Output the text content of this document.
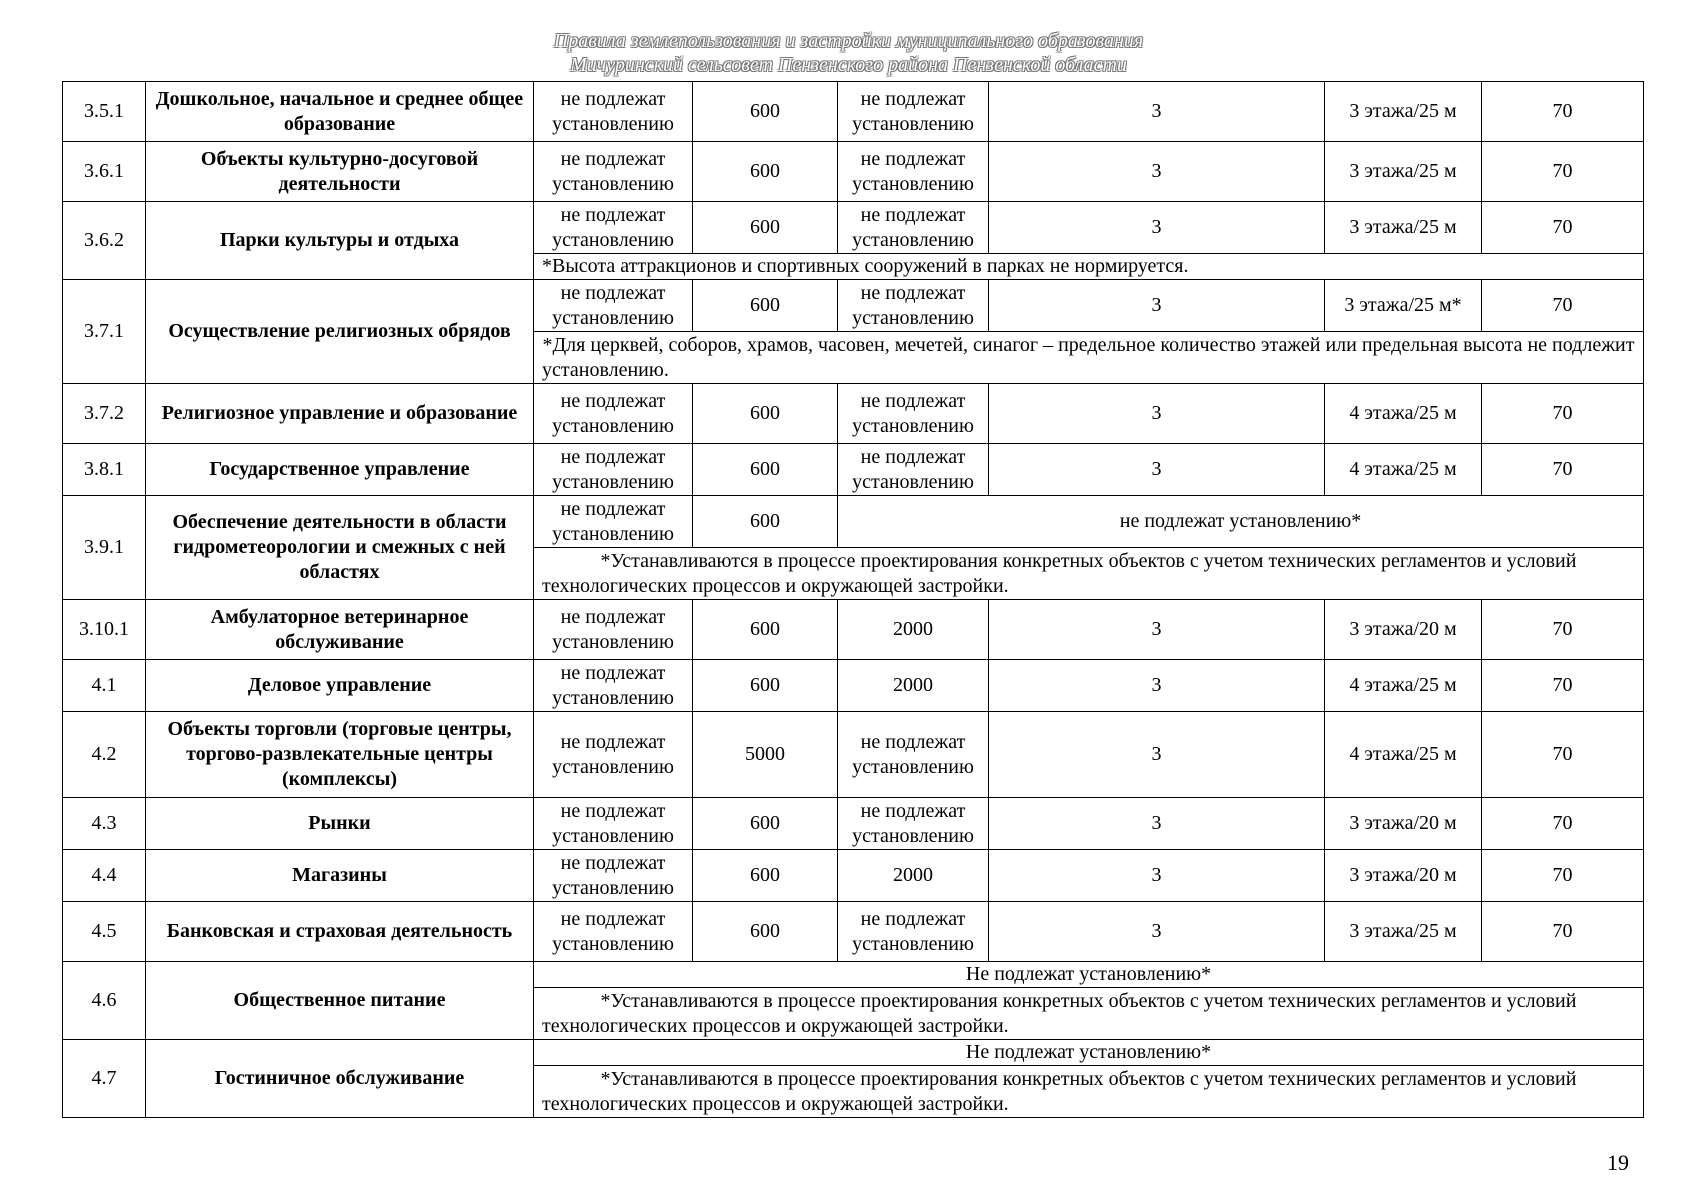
Правила землепользования и застройки муниципального образования
Мичуринский сельсовет Пензенского района Пензенской области
3.5.1	Дошкольное, начальное и среднее общее образование	не подлежат установлению	600	не подлежат установлению	3	3 этажа/25 м	70
3.6.1	Объекты культурно-досуговой деятельности	не подлежат установлению	600	не подлежат установлению	3	3 этажа/25 м	70
3.6.2	Парки культуры и отдыха	не подлежат установлению	600	не подлежат установлению	3	3 этажа/25 м	70
		*Высота аттракционов и спортивных сооружений в парках не нормируется.					
3.7.1	Осуществление религиозных обрядов	не подлежат установлению	600	не подлежат установлению	3	3 этажа/25 м*	70
		*Для церквей, соборов, храмов, часовен, мечетей, синагог – предельное количество этажей или предельная высота не подлежит установлению.					
3.7.2	Религиозное управление и образование	не подлежат установлению	600	не подлежат установлению	3	4 этажа/25 м	70
3.8.1	Государственное управление	не подлежат установлению	600	не подлежат установлению	3	4 этажа/25 м	70
3.9.1	Обеспечение деятельности в области гидрометеорологии и смежных с ней областях	не подлежат установлению	600	не подлежат установлению*			
		*Устанавливаются в процессе проектирования конкретных объектов с учетом технических регламентов и условий технологических процессов и окружающей застройки.					
3.10.1	Амбулаторное ветеринарное обслуживание	не подлежат установлению	600	2000	3	3 этажа/20 м	70
4.1	Деловое управление	не подлежат установлению	600	2000	3	4 этажа/25 м	70
4.2	Объекты торговли (торговые центры, торгово-развлекательные центры (комплексы)	не подлежат установлению	5000	не подлежат установлению	3	4 этажа/25 м	70
4.3	Рынки	не подлежат установлению	600	не подлежат установлению	3	3 этажа/20 м	70
4.4	Магазины	не подлежат установлению	600	2000	3	3 этажа/20 м	70
4.5	Банковская и страховая деятельность	не подлежат установлению	600	не подлежат установлению	3	3 этажа/25 м	70
4.6	Общественное питание	Не подлежат установлению*					
		*Устанавливаются в процессе проектирования конкретных объектов с учетом технических регламентов и условий технологических процессов и окружающей застройки.					
4.7	Гостиничное обслуживание	Не подлежат установлению*					
		*Устанавливаются в процессе проектирования конкретных объектов с учетом технических регламентов и условий технологических процессов и окружающей застройки.					
19
